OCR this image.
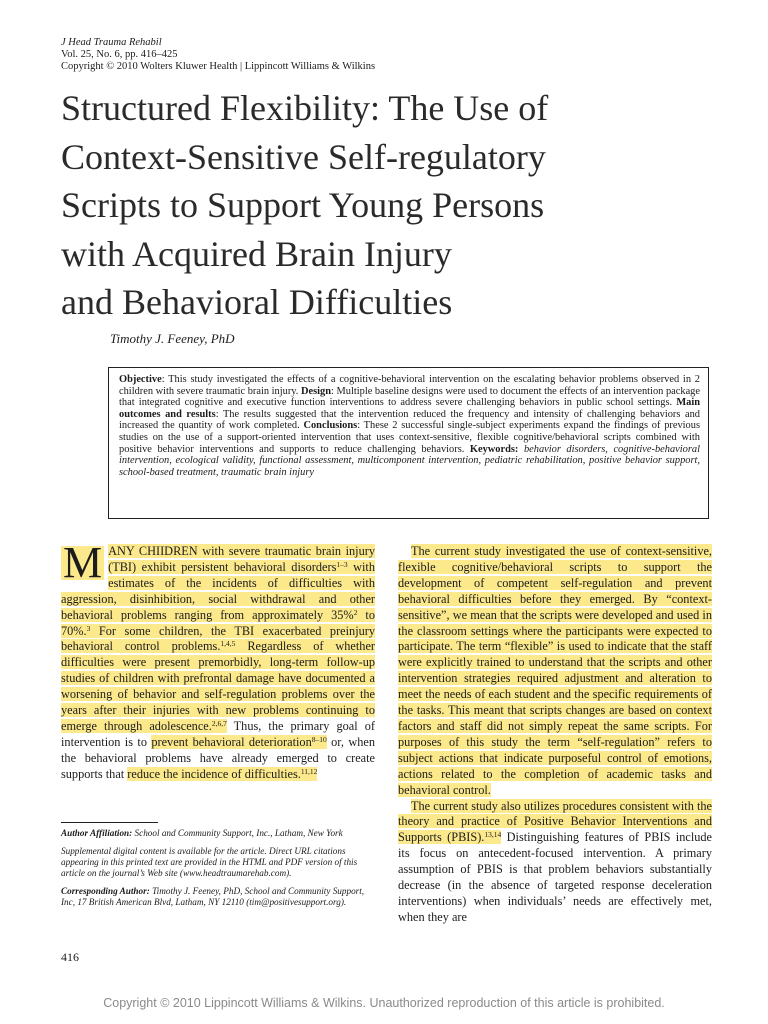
J Head Trauma Rehabil
Vol. 25, No. 6, pp. 416–425
Copyright © 2010 Wolters Kluwer Health | Lippincott Williams & Wilkins
Structured Flexibility: The Use of
Context-Sensitive Self-regulatory
Scripts to Support Young Persons
with Acquired Brain Injury
and Behavioral Difficulties
Timothy J. Feeney, PhD
Objective: This study investigated the effects of a cognitive-behavioral intervention on the escalating behavior problems observed in 2 children with severe traumatic brain injury. Design: Multiple baseline designs were used to document the effects of an intervention package that integrated cognitive and executive function interventions to address severe challenging behaviors in public school settings. Main outcomes and results: The results suggested that the intervention reduced the frequency and intensity of challenging behaviors and increased the quantity of work completed. Conclusions: These 2 successful single-subject experiments expand the findings of previous studies on the use of a support-oriented intervention that uses context-sensitive, flexible cognitive/behavioral scripts combined with positive behavior interventions and supports to reduce challenging behaviors. Keywords: behavior disorders, cognitive-behavioral intervention, ecological validity, functional assessment, multicomponent intervention, pediatric rehabilitation, positive behavior support, school-based treatment, traumatic brain injury

M ANY CHIIDREN with severe traumatic brain injury (TBI) exhibit persistent behavioral disorders$^{1-3}$ with estimates of the incidents of difficulties with aggression, disinhibition, social withdrawal and other behavioral problems ranging from approximately 35%$^2$ to 70%.$^3$ For some children, the TBI exacerbated preinjury behavioral control problems.$^{1,4,5}$ Regardless of whether difficulties were present premorbidly, long-term follow-up studies of children with prefrontal damage have documented a worsening of behavior and self-regulation problems over the years after their injuries with new problems continuing to emerge through adolescence.$^{2,6,7}$ Thus, the primary goal of intervention is to prevent behavioral deterioration$^{8-10}$ or, when the behavioral problems have already emerged to create supports that reduce the incidence of difficulties.$^{11,12}$

The current study investigated the use of context-sensitive, flexible cognitive/behavioral scripts to support the development of competent self-regulation and prevent behavioral difficulties before they emerged. By “context-sensitive”, we mean that the scripts were developed and used in the classroom settings where the participants were expected to participate. The term “flexible” is used to indicate that the staff were explicitly trained to understand that the scripts and other intervention strategies required adjustment and alteration to meet the needs of each student and the specific requirements of the tasks. This meant that scripts changes are based on context factors and staff did not simply repeat the same scripts. For purposes of this study the term “self-regulation” refers to subject actions that indicate purposeful control of emotions, actions related to the completion of academic tasks and behavioral control.

The current study also utilizes procedures consistent with the theory and practice of Positive Behavior Interventions and Supports (PBIS).$^{13,14}$ Distinguishing features of PBIS include its focus on antecedent-focused intervention. A primary assumption of PBIS is that problem behaviors substantially decrease (in the absence of targeted response deceleration interventions) when individuals’ needs are effectively met, when they are

Author Affiliation: School and Community Support, Inc., Latham, New York

Supplemental digital content is available for the article. Direct URL citations appearing in this printed text are provided in the HTML and PDF version of this article on the journal’s Web site (www.headtraumarehab.com).

Corresponding Author: Timothy J. Feeney, PhD, School and Community Support, Inc, 17 British American Blvd, Latham, NY 12110 (tim@positivesupport.org).

416
Copyright © 2010 Lippincott Williams & Wilkins. Unauthorized reproduction of this article is prohibited.
